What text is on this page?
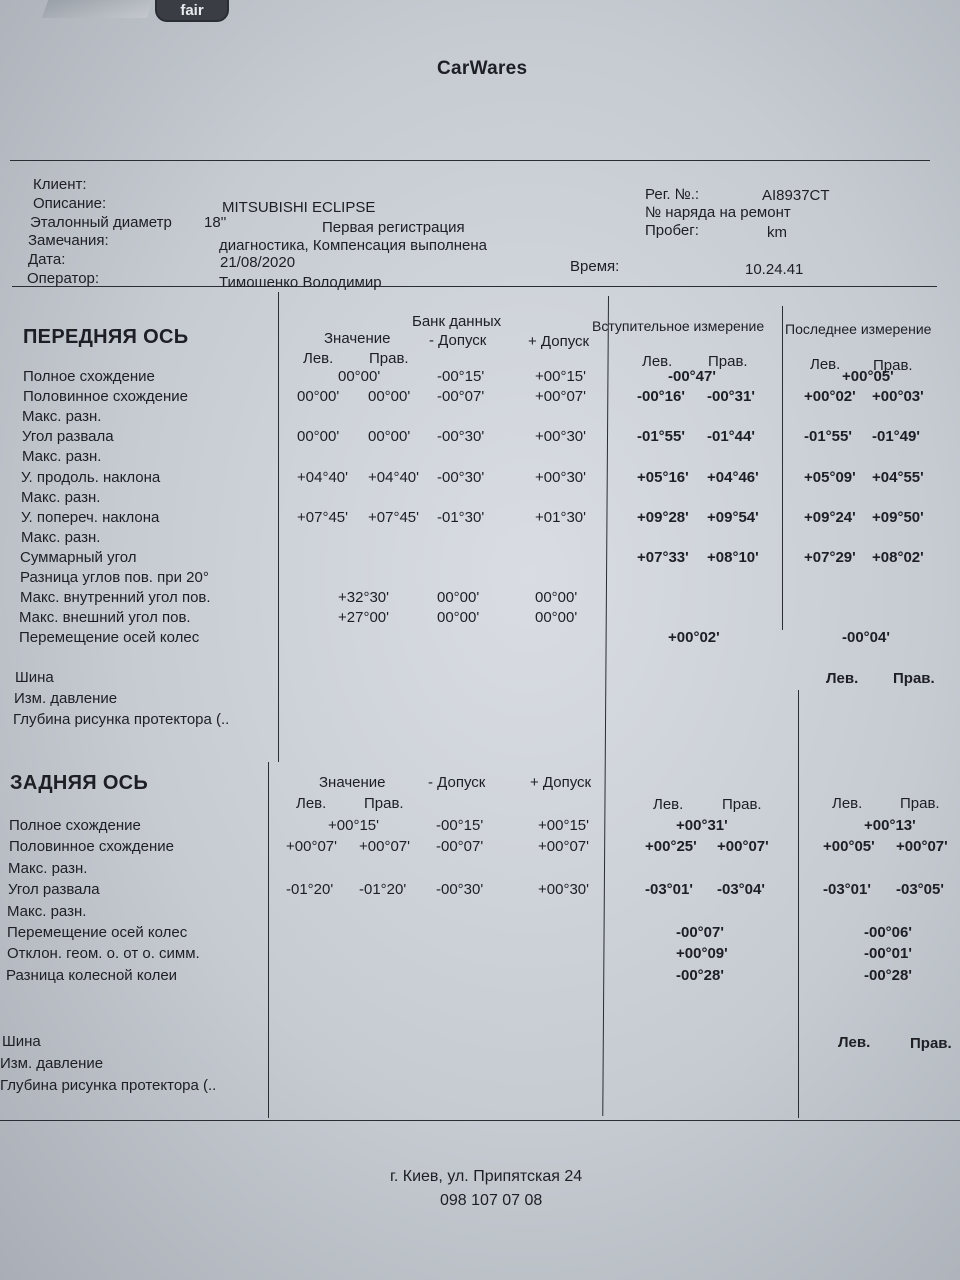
fair
CarWares
Клиент:
Описание:	MITSUBISHI ECLIPSE
Эталонный диаметр 18''	Первая регистрация
Замечания:	диагностика, Компенсация выполнена
Дата:	21/08/2020
Оператор:	Тимошенко Володимир
Рег. №.:	AI8937CT
№ наряда на ремонт
Пробег:	km
Время:	10.24.41
ПЕРЕДНЯЯ ОСЬ
Банк данных
Значение
Лев. Прав.
- Допуск	+ Допуск
Вступительное измерение Последнее измерение
Лев. Прав.	Лев. Прав.
Полное схождение	00°00'	-00°15'	+00°15'	-00°47'	+00°05'
Половинное схождение	00°00' 00°00' -00°07'	+00°07'	-00°16' -00°31'	+00°02' +00°03'
Макс. разн.
Угол развала	00°00' 00°00' -00°30'	+00°30'	-01°55' -01°44'	-01°55' -01°49'
Макс. разн.
У. продоль. наклона	+04°40' +04°40' -00°30'	+00°30'	+05°16' +04°46'	+05°09' +04°55'
Макс. разн.
У. попереч. наклона	+07°45' +07°45' -01°30'	+01°30'	+09°28' +09°54'	+09°24' +09°50'
Макс. разн.
Суммарный угол	+07°33' +08°10'	+07°29' +08°02'
Разница углов пов. при 20°
Макс. внутренний угол пов.	+32°30'	00°00'	00°00'
Макс. внешний угол пов.	+27°00'	00°00'	00°00'
Перемещение осей колес	+00°02'	-00°04'
Шина
Изм. давление
Глубина рисунка протектора (..
Лев. Прав.
ЗАДНЯЯ ОСЬ	Значение
Лев.	Прав.
- Допуск	+ Допуск
Лев.	Прав.	Лев.	Прав.
Полное схождение	+00°15'	-00°15'	+00°15'	+00°31'	+00°13'
Половинное схождение	+00°07' +00°07' -00°07'	+00°07'	+00°25' +00°07'	+00°05' +00°07'
Макс. разн.
Угол развала	-01°20' -01°20' -00°30'	+00°30'	-03°01' -03°04'	-03°01' -03°05'
Макс. разн.
Перемещение осей колес	-00°07'	-00°06'
Отклон. геом. о. от о. симм.	+00°09'	-00°01'
Разница колесной колеи	-00°28'	-00°28'
Шина
Изм. давление
Глубина рисунка протектора (..
Лев.	Прав.
г. Киев, ул. Припятская 24
098 107 07 08
